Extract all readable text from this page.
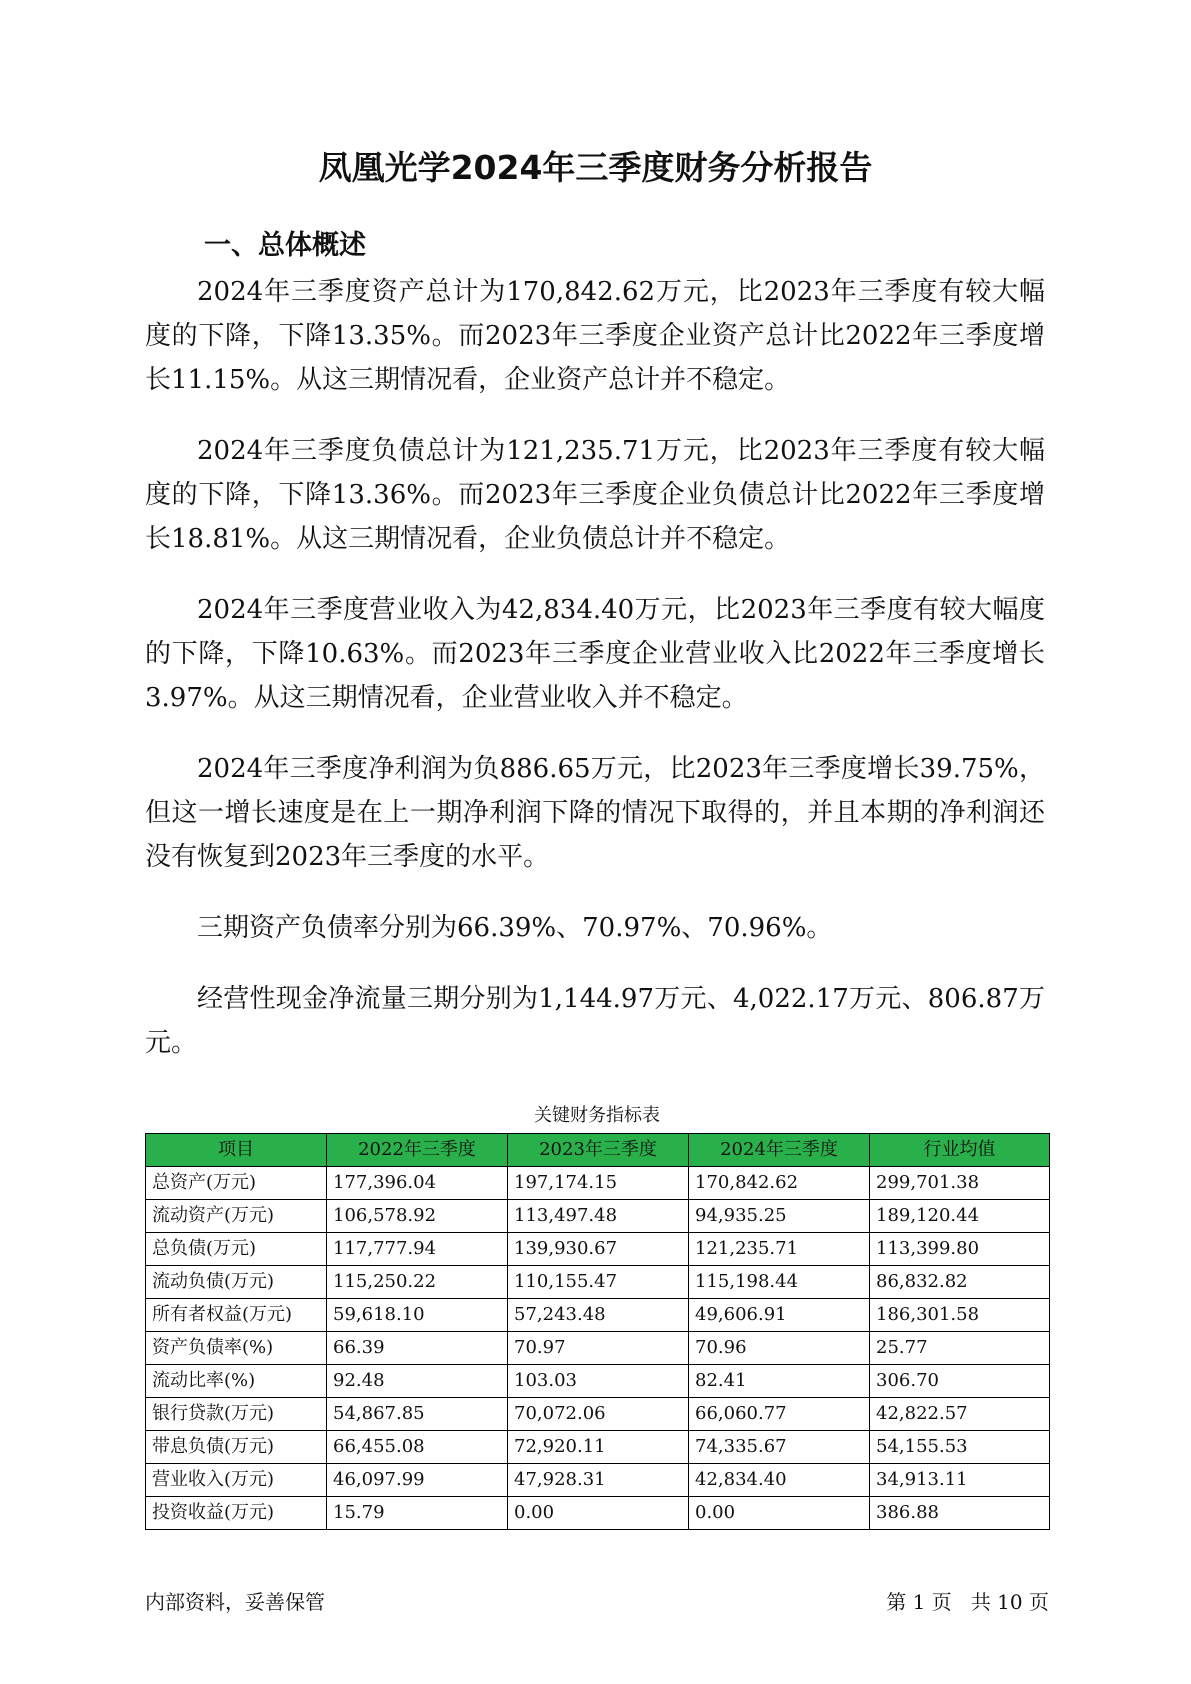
凤凰光学2024年三季度财务分析报告
一、总体概述

2024年三季度资产总计为170,842.62万元，比2023年三季度有较大幅度的下降，下降13.35%。而2023年三季度企业资产总计比2022年三季度增长11.15%。从这三期情况看，企业资产总计并不稳定。

2024年三季度负债总计为121,235.71万元，比2023年三季度有较大幅度的下降，下降13.36%。而2023年三季度企业负债总计比2022年三季度增长18.81%。从这三期情况看，企业负债总计并不稳定。

2024年三季度营业收入为42,834.40万元，比2023年三季度有较大幅度的下降，下降10.63%。而2023年三季度企业营业收入比2022年三季度增长3.97%。从这三期情况看，企业营业收入并不稳定。

2024年三季度净利润为负886.65万元，比2023年三季度增长39.75%，但这一增长速度是在上一期净利润下降的情况下取得的，并且本期的净利润还没有恢复到2023年三季度的水平。

三期资产负债率分别为66.39%、70.97%、70.96%。

经营性现金净流量三期分别为1,144.97万元、4,022.17万元、806.87万元。

关键财务指标表
项目	2022年三季度	2023年三季度	2024年三季度	行业均值
总资产(万元)	177,396.04	197,174.15	170,842.62	299,701.38
流动资产(万元)	106,578.92	113,497.48	94,935.25	189,120.44
总负债(万元)	117,777.94	139,930.67	121,235.71	113,399.80
流动负债(万元)	115,250.22	110,155.47	115,198.44	86,832.82
所有者权益(万元)	59,618.10	57,243.48	49,606.91	186,301.58
资产负债率(%)	66.39	70.97	70.96	25.77
流动比率(%)	92.48	103.03	82.41	306.70
银行贷款(万元)	54,867.85	70,072.06	66,060.77	42,822.57
带息负债(万元)	66,455.08	72,920.11	74,335.67	54,155.53
营业收入(万元)	46,097.99	47,928.31	42,834.40	34,913.11
投资收益(万元)	15.79	0.00	0.00	386.88
内部资料，妥善保管	第 1 页   共 10 页
